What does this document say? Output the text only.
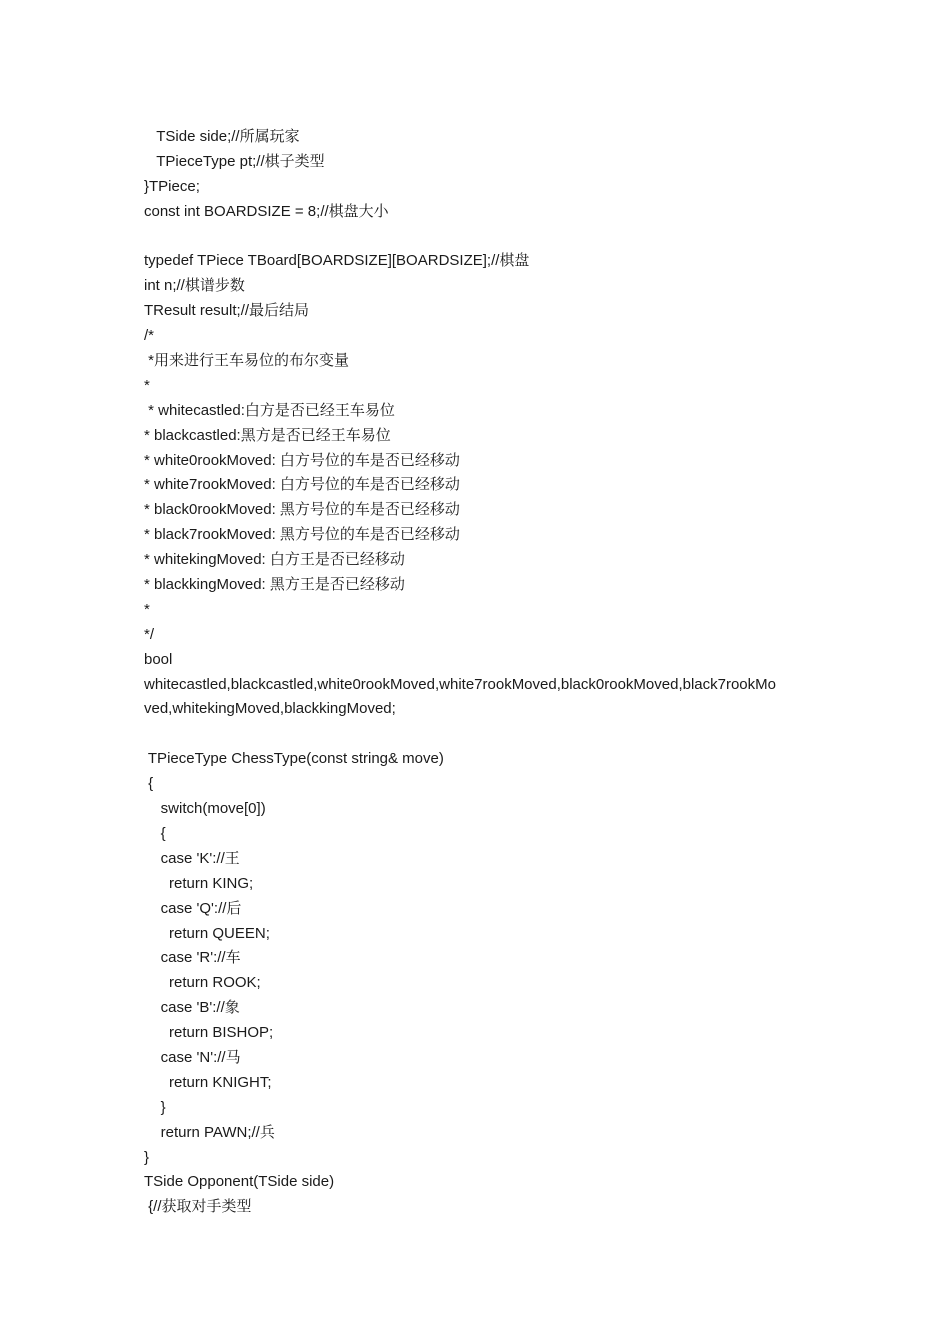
TSide side;//所属玩家
TPieceType pt;//棋子类型
}TPiece;
const int BOARDSIZE = 8;//棋盘大小
typedef TPiece TBoard[BOARDSIZE][BOARDSIZE];//棋盘
int n;//棋谱步数
TResult result;//最后结局
/*
*用来进行王车易位的布尔变量
*
* whitecastled:白方是否已经王车易位
* blackcastled:黑方是否已经王车易位
* white0rookMoved: 白方号位的车是否已经移动
* white7rookMoved: 白方号位的车是否已经移动
* black0rookMoved: 黑方号位的车是否已经移动
* black7rookMoved: 黑方号位的车是否已经移动
* whitekingMoved: 白方王是否已经移动
* blackkingMoved: 黑方王是否已经移动
*
*/
bool
whitecastled,blackcastled,white0rookMoved,white7rookMoved,black0rookMoved,black7rookMo
ved,whitekingMoved,blackkingMoved;
TPieceType ChessType(const string& move)
{
switch(move[0])
{
case 'K'://王
return KING;
case 'Q'://后
return QUEEN;
case 'R'://车
return ROOK;
case 'B'://象
return BISHOP;
case 'N'://马
return KNIGHT;
}
return PAWN;//兵
}
TSide Opponent(TSide side)
{//获取对手类型
